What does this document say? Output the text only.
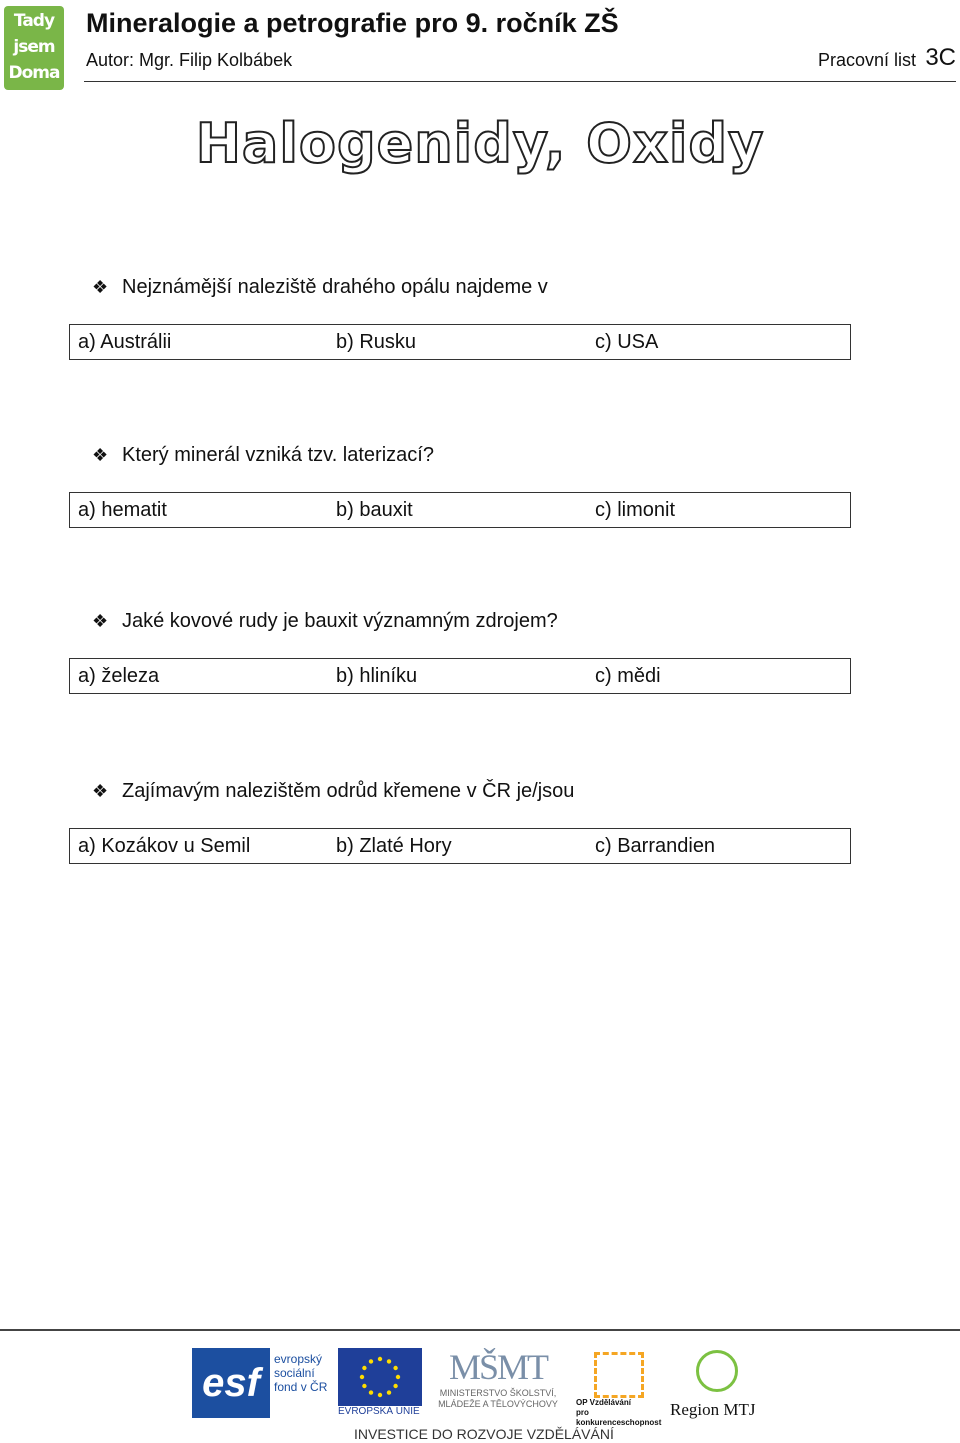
Tady
jsem
Doma
Mineralogie a petrografie pro 9. ročník ZŠ
Autor: Mgr. Filip Kolbábek	Pracovní list 3C
Halogenidy, Oxidy
❖ Nejznámější naleziště drahého opálu najdeme v
a) Austrálii	b) Rusku	c) USA
❖ Který minerál vzniká tzv. laterizací?
a) hematit	b) bauxit	c) limonit
❖ Jaké kovové rudy je bauxit významným zdrojem?
a) železa	b) hliníku	c) mědi
❖ Zajímavým nalezištěm odrůd křemene v ČR je/jsou
a) Kozákov u Semil	b) Zlaté Hory	c) Barrandien
esf
evropský
sociální
fond v ČR
EVROPSKÁ UNIE
MŠMT
MINISTERSTVO ŠKOLSTVÍ,
MLÁDEŽE A TĚLOVÝCHOVY	OP Vzdělávání
pro konkurenceschopnost
Region MTJ
INVESTICE DO ROZVOJE VZDĚLÁVÁNÍ
